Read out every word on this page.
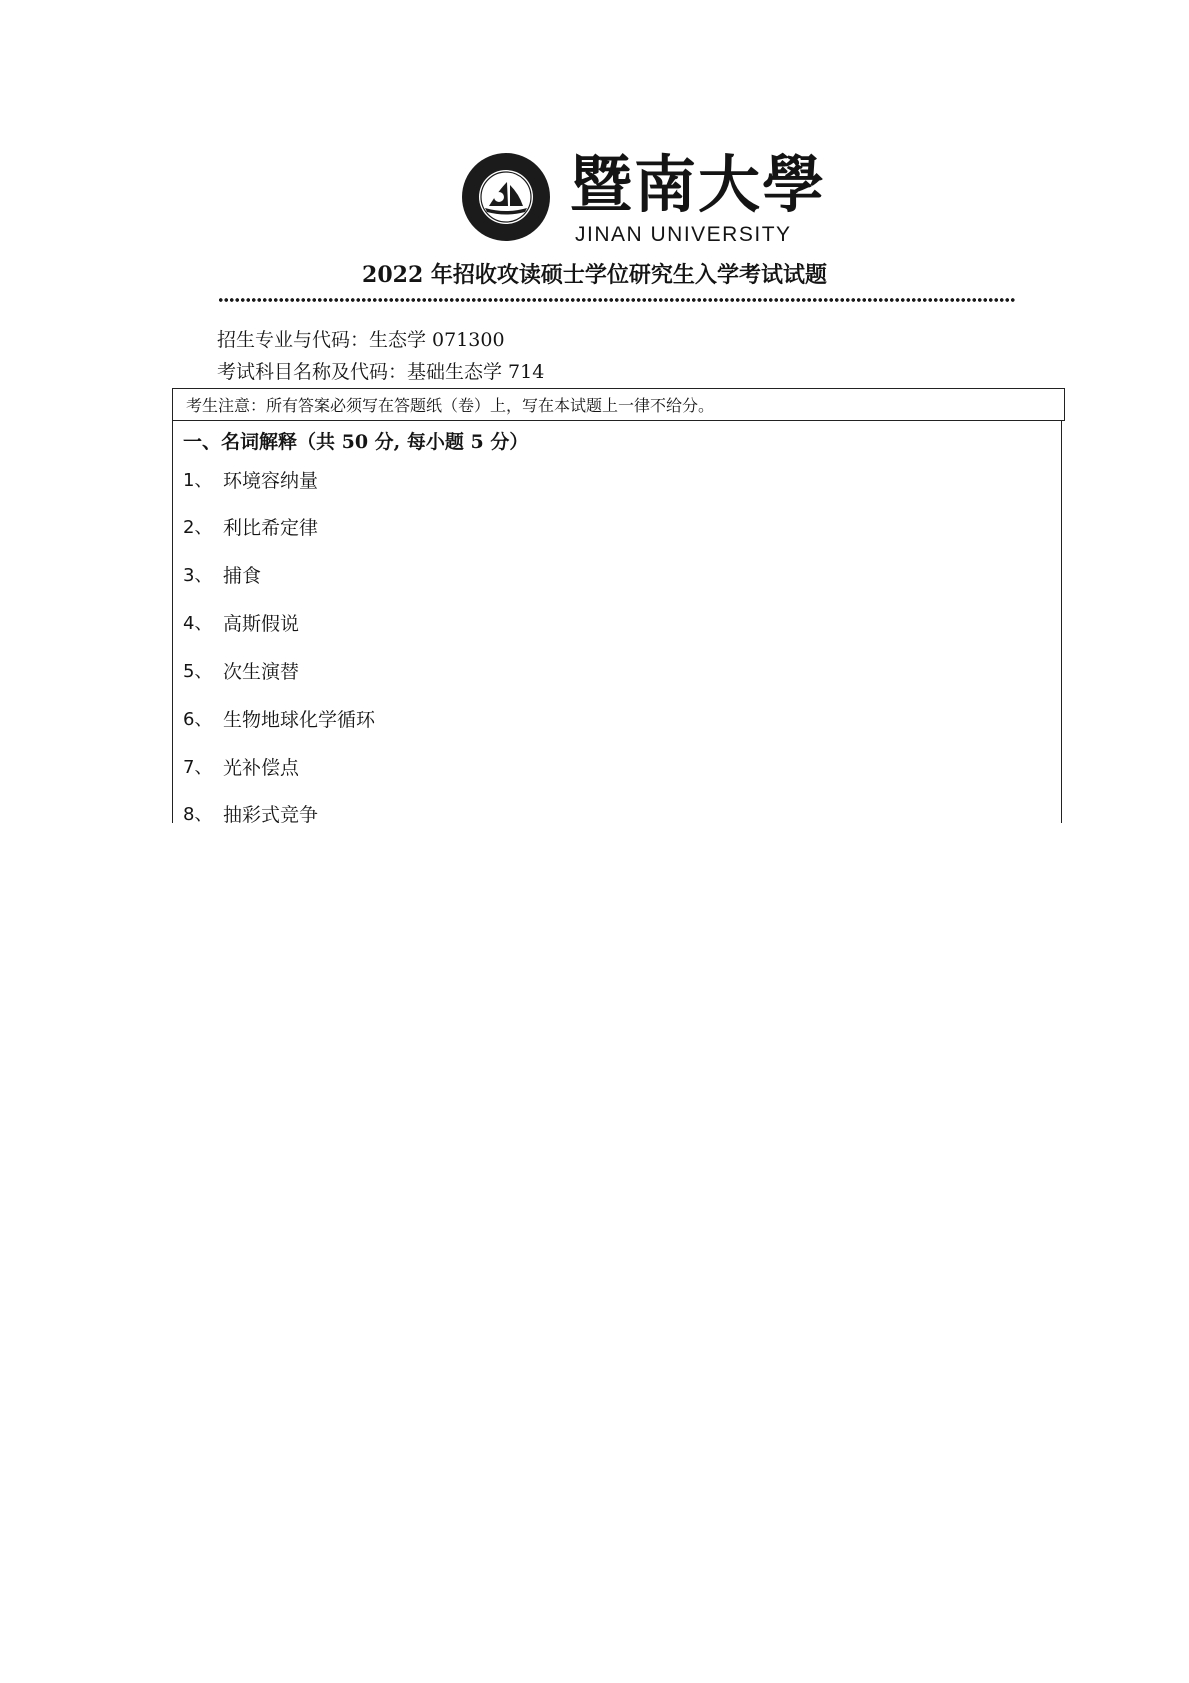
暨南大學
JINAN UNIVERSITY
2022 年招收攻读硕士学位研究生入学考试试题
招生专业与代码：生态学 071300
考试科目名称及代码：基础生态学 714
考生注意：所有答案必须写在答题纸（卷）上，写在本试题上一律不给分。
一、名词解释（共 50 分, 每小题 5 分）
1、 环境容纳量
2、 利比希定律
3、 捕食
4、 高斯假说
5、 次生演替
6、 生物地球化学循环
7、 光补偿点
8、 抽彩式竞争
